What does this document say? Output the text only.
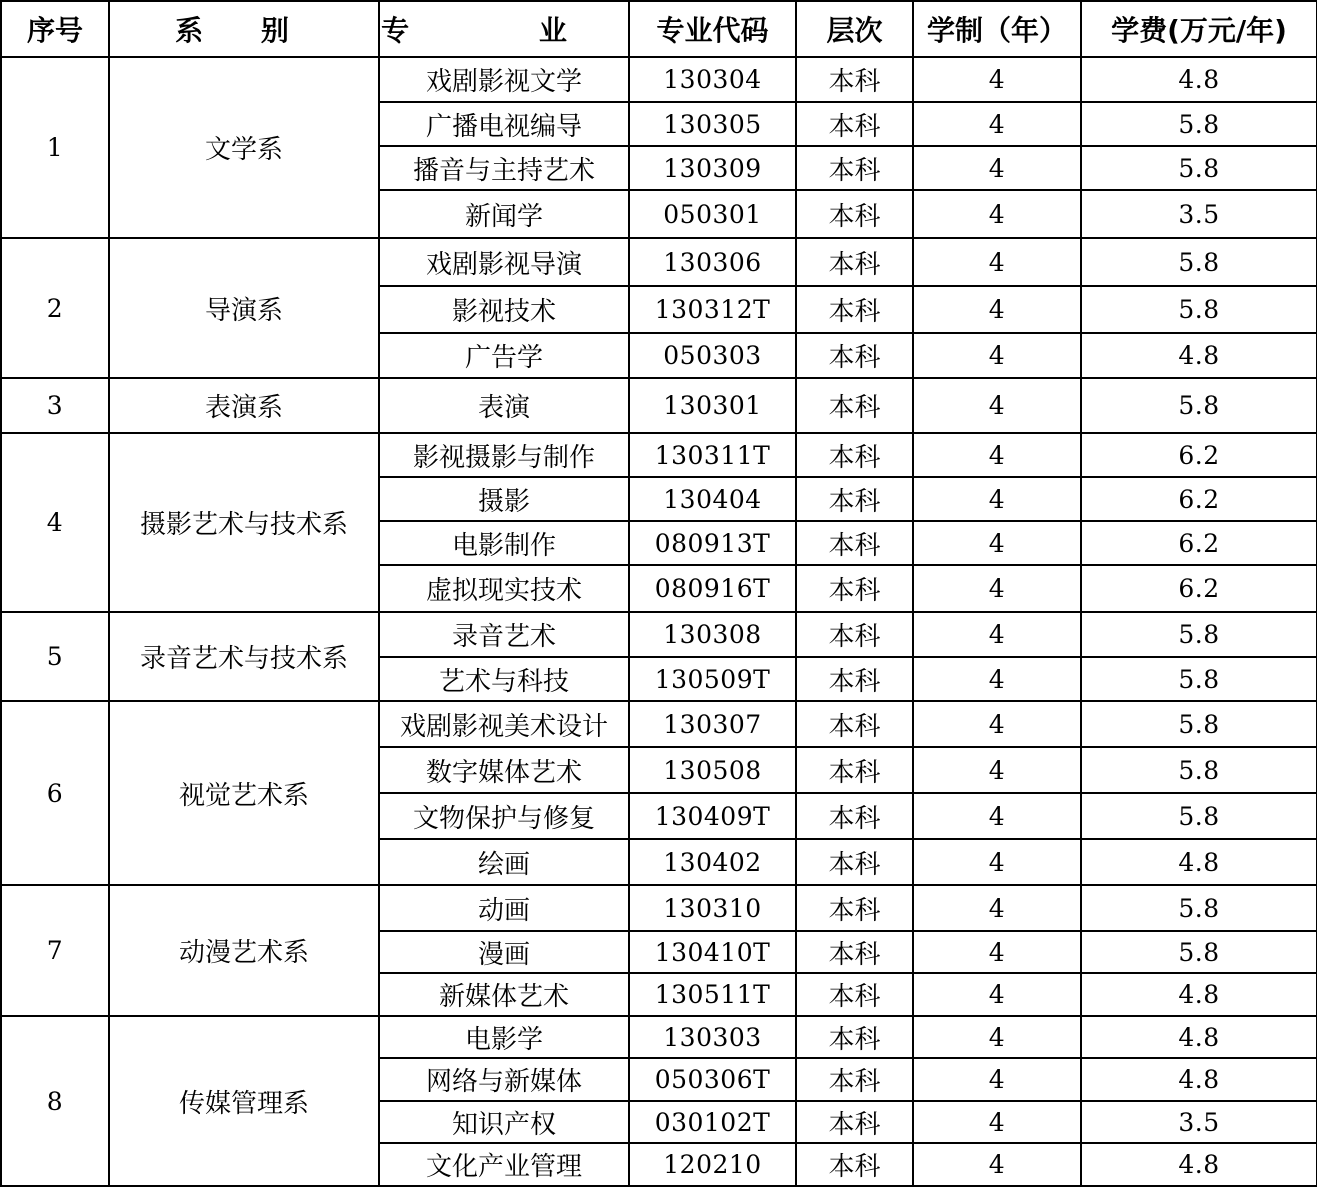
序号	系 别	专 业	专业代码	层次	学制（年）	学费(万元/年)
1	文学系	戏剧影视文学	130304	本科	4	4.8
		广播电视编导	130305	本科	4	5.8
		播音与主持艺术	130309	本科	4	5.8
		新闻学	050301	本科	4	3.5
2	导演系	戏剧影视导演	130306	本科	4	5.8
		影视技术	130312T	本科	4	5.8
		广告学	050303	本科	4	4.8
3	表演系	表演	130301	本科	4	5.8
4	摄影艺术与技术系	影视摄影与制作	130311T	本科	4	6.2
		摄影	130404	本科	4	6.2
		电影制作	080913T	本科	4	6.2
		虚拟现实技术	080916T	本科	4	6.2
5	录音艺术与技术系	录音艺术	130308	本科	4	5.8
		艺术与科技	130509T	本科	4	5.8
6	视觉艺术系	戏剧影视美术设计	130307	本科	4	5.8
		数字媒体艺术	130508	本科	4	5.8
		文物保护与修复	130409T	本科	4	5.8
		绘画	130402	本科	4	4.8
7	动漫艺术系	动画	130310	本科	4	5.8
		漫画	130410T	本科	4	5.8
		新媒体艺术	130511T	本科	4	4.8
8	传媒管理系	电影学	130303	本科	4	4.8
		网络与新媒体	050306T	本科	4	4.8
		知识产权	030102T	本科	4	3.5
		文化产业管理	120210	本科	4	4.8
